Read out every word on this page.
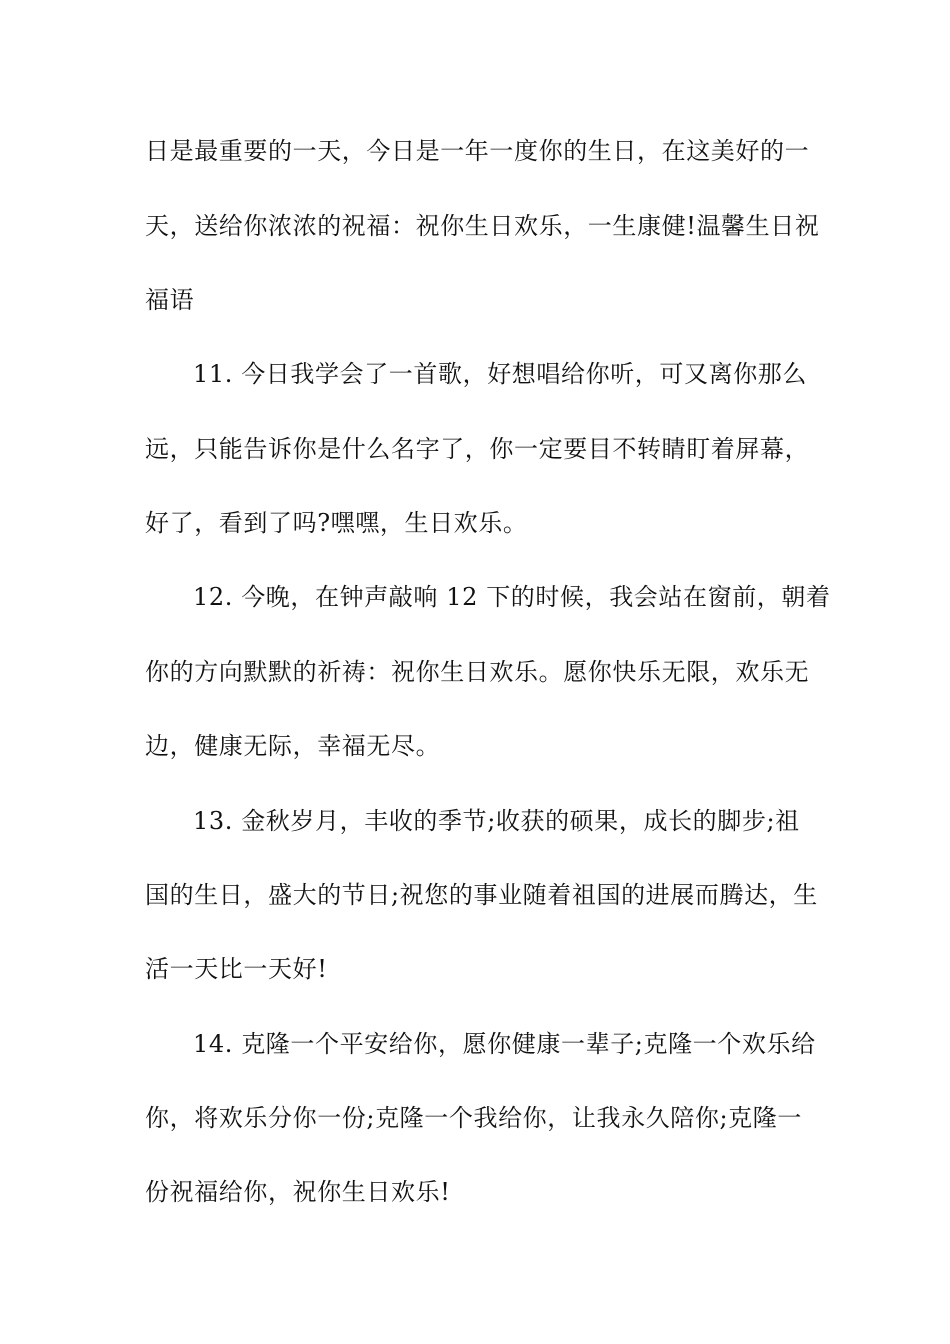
日是最重要的一天，今日是一年一度你的生日，在这美好的一
天，送给你浓浓的祝福：祝你生日欢乐，一生康健!温馨生日祝
福语
11. 今日我学会了一首歌，好想唱给你听，可又离你那么
远，只能告诉你是什么名字了，你一定要目不转睛盯着屏幕，
好了，看到了吗?嘿嘿，生日欢乐。
12. 今晚，在钟声敲响 12 下的时候，我会站在窗前，朝着
你的方向默默的祈祷：祝你生日欢乐。愿你快乐无限，欢乐无
边，健康无际，幸福无尽。
13. 金秋岁月，丰收的季节;收获的硕果，成长的脚步;祖
国的生日，盛大的节日;祝您的事业随着祖国的进展而腾达，生
活一天比一天好!
14. 克隆一个平安给你，愿你健康一辈子;克隆一个欢乐给
你，将欢乐分你一份;克隆一个我给你，让我永久陪你;克隆一
份祝福给你，祝你生日欢乐!
